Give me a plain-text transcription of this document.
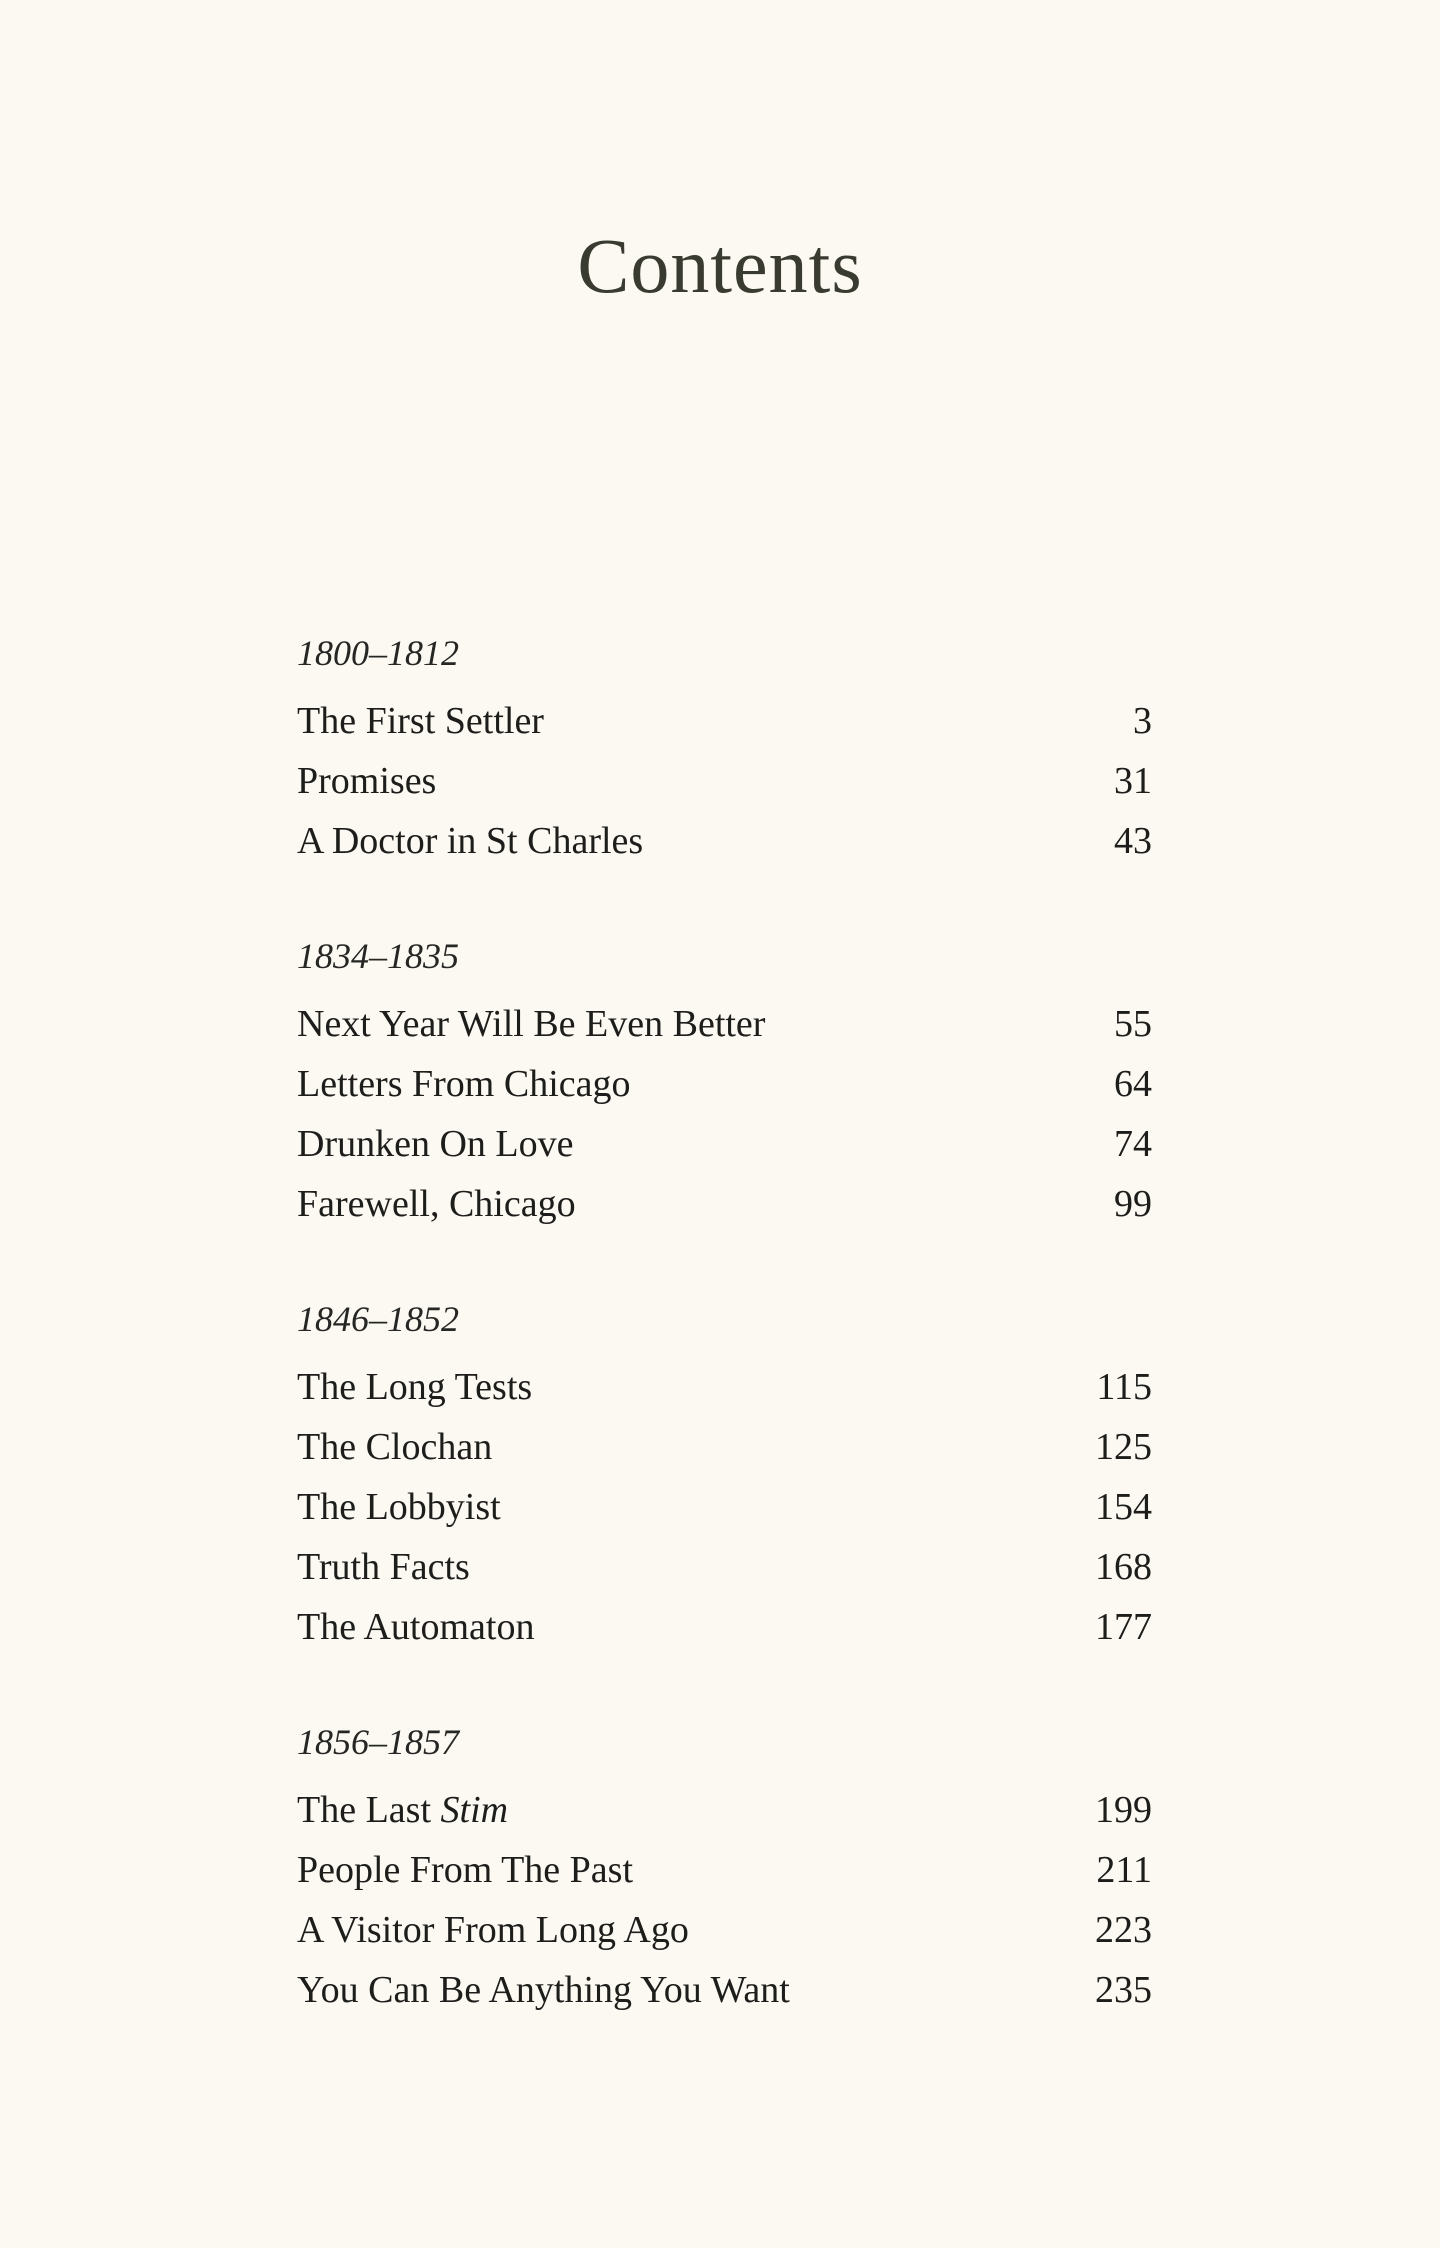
Contents
1800–1812
The First Settler	3
Promises	31
A Doctor in St Charles	43
1834–1835
Next Year Will Be Even Better	55
Letters From Chicago	64
Drunken On Love	74
Farewell, Chicago	99
1846–1852
The Long Tests	115
The Clochan	125
The Lobbyist	154
Truth Facts	168
The Automaton	177
1856–1857
The Last Stim	199
People From The Past	211
A Visitor From Long Ago	223
You Can Be Anything You Want	235
